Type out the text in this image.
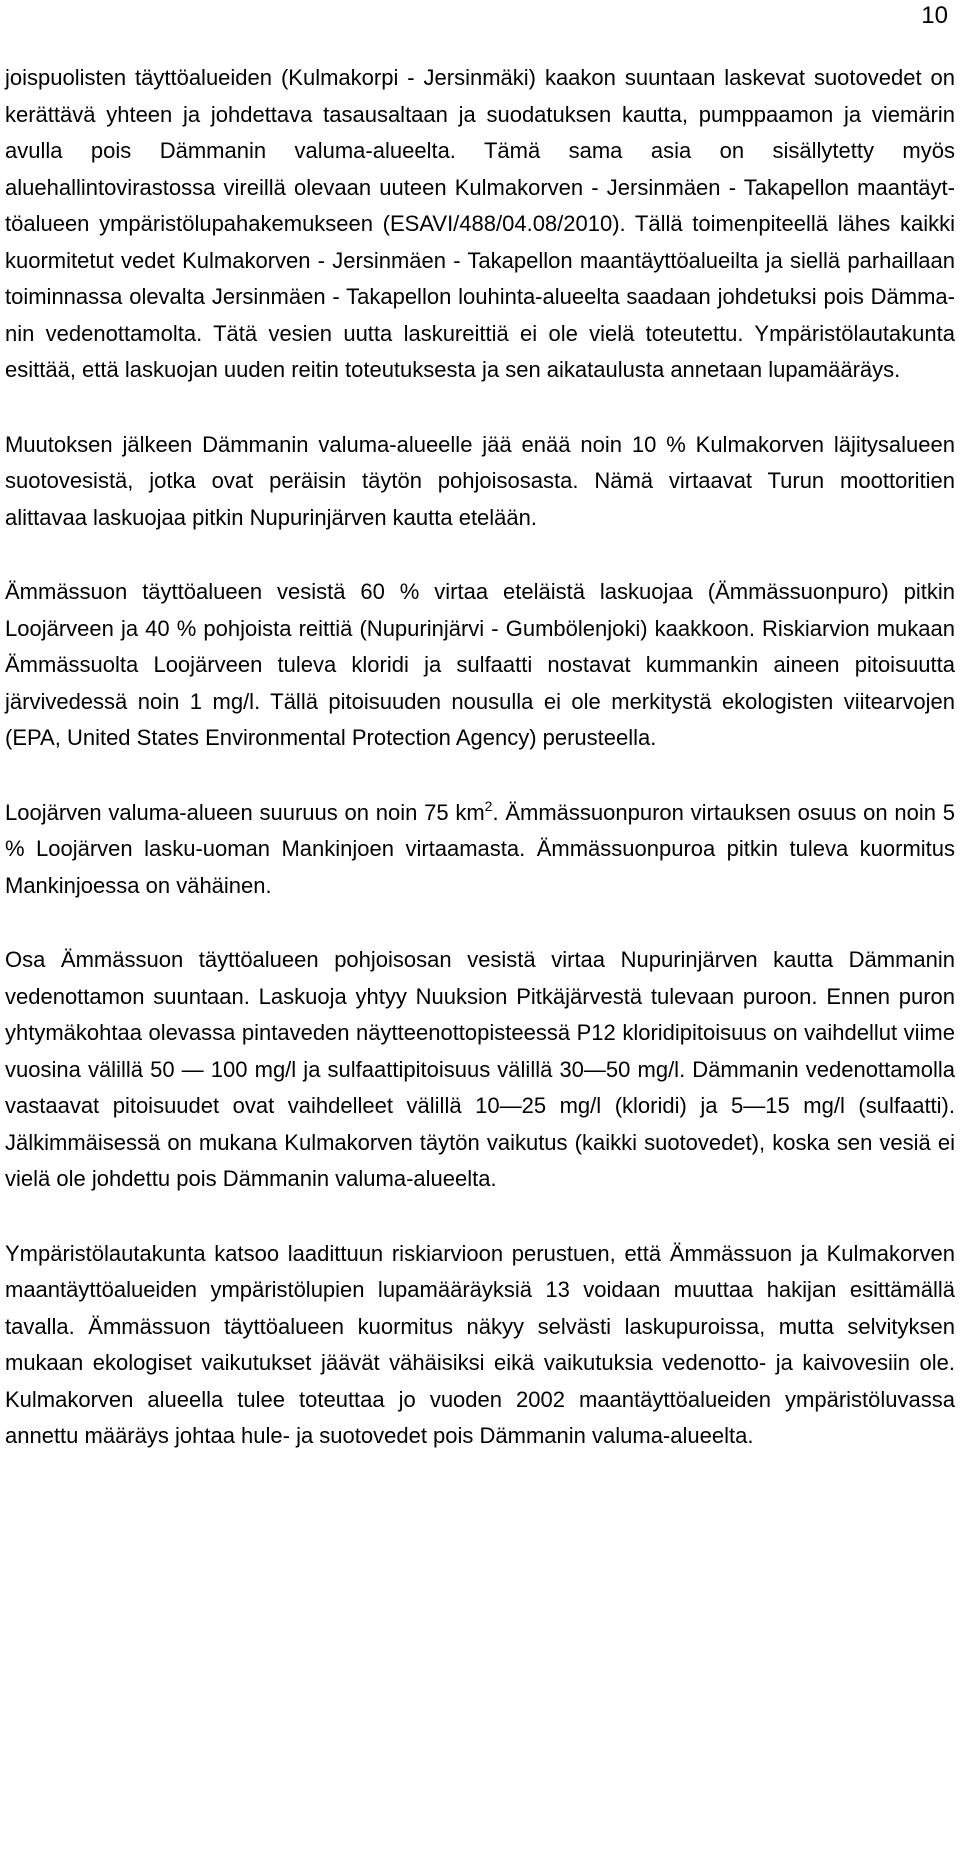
10

joispuolisten täyttöalueiden (Kulmakorpi - Jersinmäki) kaakon suuntaan laskevat suotovedet on kerättävä yhteen ja johdettava tasausaltaan ja suodatuksen kautta, pumppaamon ja viemärin avulla pois Dämmanin valuma-alueelta. Tämä sama asia on sisällytetty myös aluehallintovirastossa vireillä olevaan uuteen Kulmakorven - Jersinmäen - Takapellon maantäyttöalueen ympäristölupahakemukseen (ESAVI/488/04.08/2010). Tällä toimenpiteellä lähes kaikki kuormitetut vedet Kulmakorven - Jersinmäen - Takapellon maantäyttöalueilta ja siellä parhaillaan toiminnassa olevalta Jersinmäen - Takapellon louhinta-alueelta saadaan johdetuksi pois Dämmanin vedenottamolta. Tätä vesien uutta laskureittiä ei ole vielä toteutettu. Ympäristölautakunta esittää, että laskuojan uuden reitin toteutuksesta ja sen aikataulusta annetaan lupamääräys.

Muutoksen jälkeen Dämmanin valuma-alueelle jää enää noin 10 % Kulmakorven läjitysalueen suotovesistä, jotka ovat peräisin täytön pohjoisosasta. Nämä virtaavat Turun moottoritien alittavaa laskuojaa pitkin Nupurinjärven kautta etelään.

Ämmässuon täyttöalueen vesistä 60 % virtaa eteläistä laskuojaa (Ämmässuonpuro) pitkin Loojärveen ja 40 % pohjoista reittiä (Nupurinjärvi - Gumbölenjoki) kaakkoon. Riskiarvion mukaan Ämmässuolta Loojärveen tuleva kloridi ja sulfaatti nostavat kummankin aineen pitoisuutta järvivedessä noin 1 mg/l. Tällä pitoisuuden nousulla ei ole merkitystä ekologisten viitearvojen (EPA, United States Environmental Protection Agency) perusteella.

Loojärven valuma-alueen suuruus on noin 75 $km^2$. Ämmässuonpuron virtauksen osuus on noin 5 % Loojärven lasku-uoman Mankinjoen virtaamasta. Ämmässuonpuroa pitkin tuleva kuormitus Mankinjoessa on vähäinen.

Osa Ämmässuon täyttöalueen pohjoisosan vesistä virtaa Nupurinjärven kautta Dämmanin vedenottamon suuntaan. Laskuoja yhtyy Nuuksion Pitkäjärvestä tulevaan puroon. Ennen puron yhtymäkohtaa olevassa pintaveden näytteenottopisteessä P12 kloridipitoisuus on vaihdellut viime vuosina välillä 50 — 100 mg/l ja sulfaattipitoisuus välillä 30—50 mg/l. Dämmanin vedenottamolla vastaavat pitoisuudet ovat vaihdelleet välillä 10—25 mg/l (kloridi) ja 5—15 mg/l (sulfaatti). Jälkimmäisessä on mukana Kulmakorven täytön vaikutus (kaikki suotovedet), koska sen vesiä ei vielä ole johdettu pois Dämmanin valuma-alueelta.

Ympäristölautakunta katsoo laadittuun riskiarvioon perustuen, että Ämmässuon ja Kulmakorven maantäyttöalueiden ympäristölupien lupamääräyksiä 13 voidaan muuttaa hakijan esittämällä tavalla. Ämmässuon täyttöalueen kuormitus näkyy selvästi laskupuroissa, mutta selvityksen mukaan ekologiset vaikutukset jäävät vähäisiksi eikä vaikutuksia vedenotto- ja kaivovesiin ole. Kulmakorven alueella tulee toteuttaa jo vuoden 2002 maantäyttöalueiden ympäristöluvassa annettu määräys johtaa hule- ja suotovedet pois Dämmanin valuma-alueelta.
